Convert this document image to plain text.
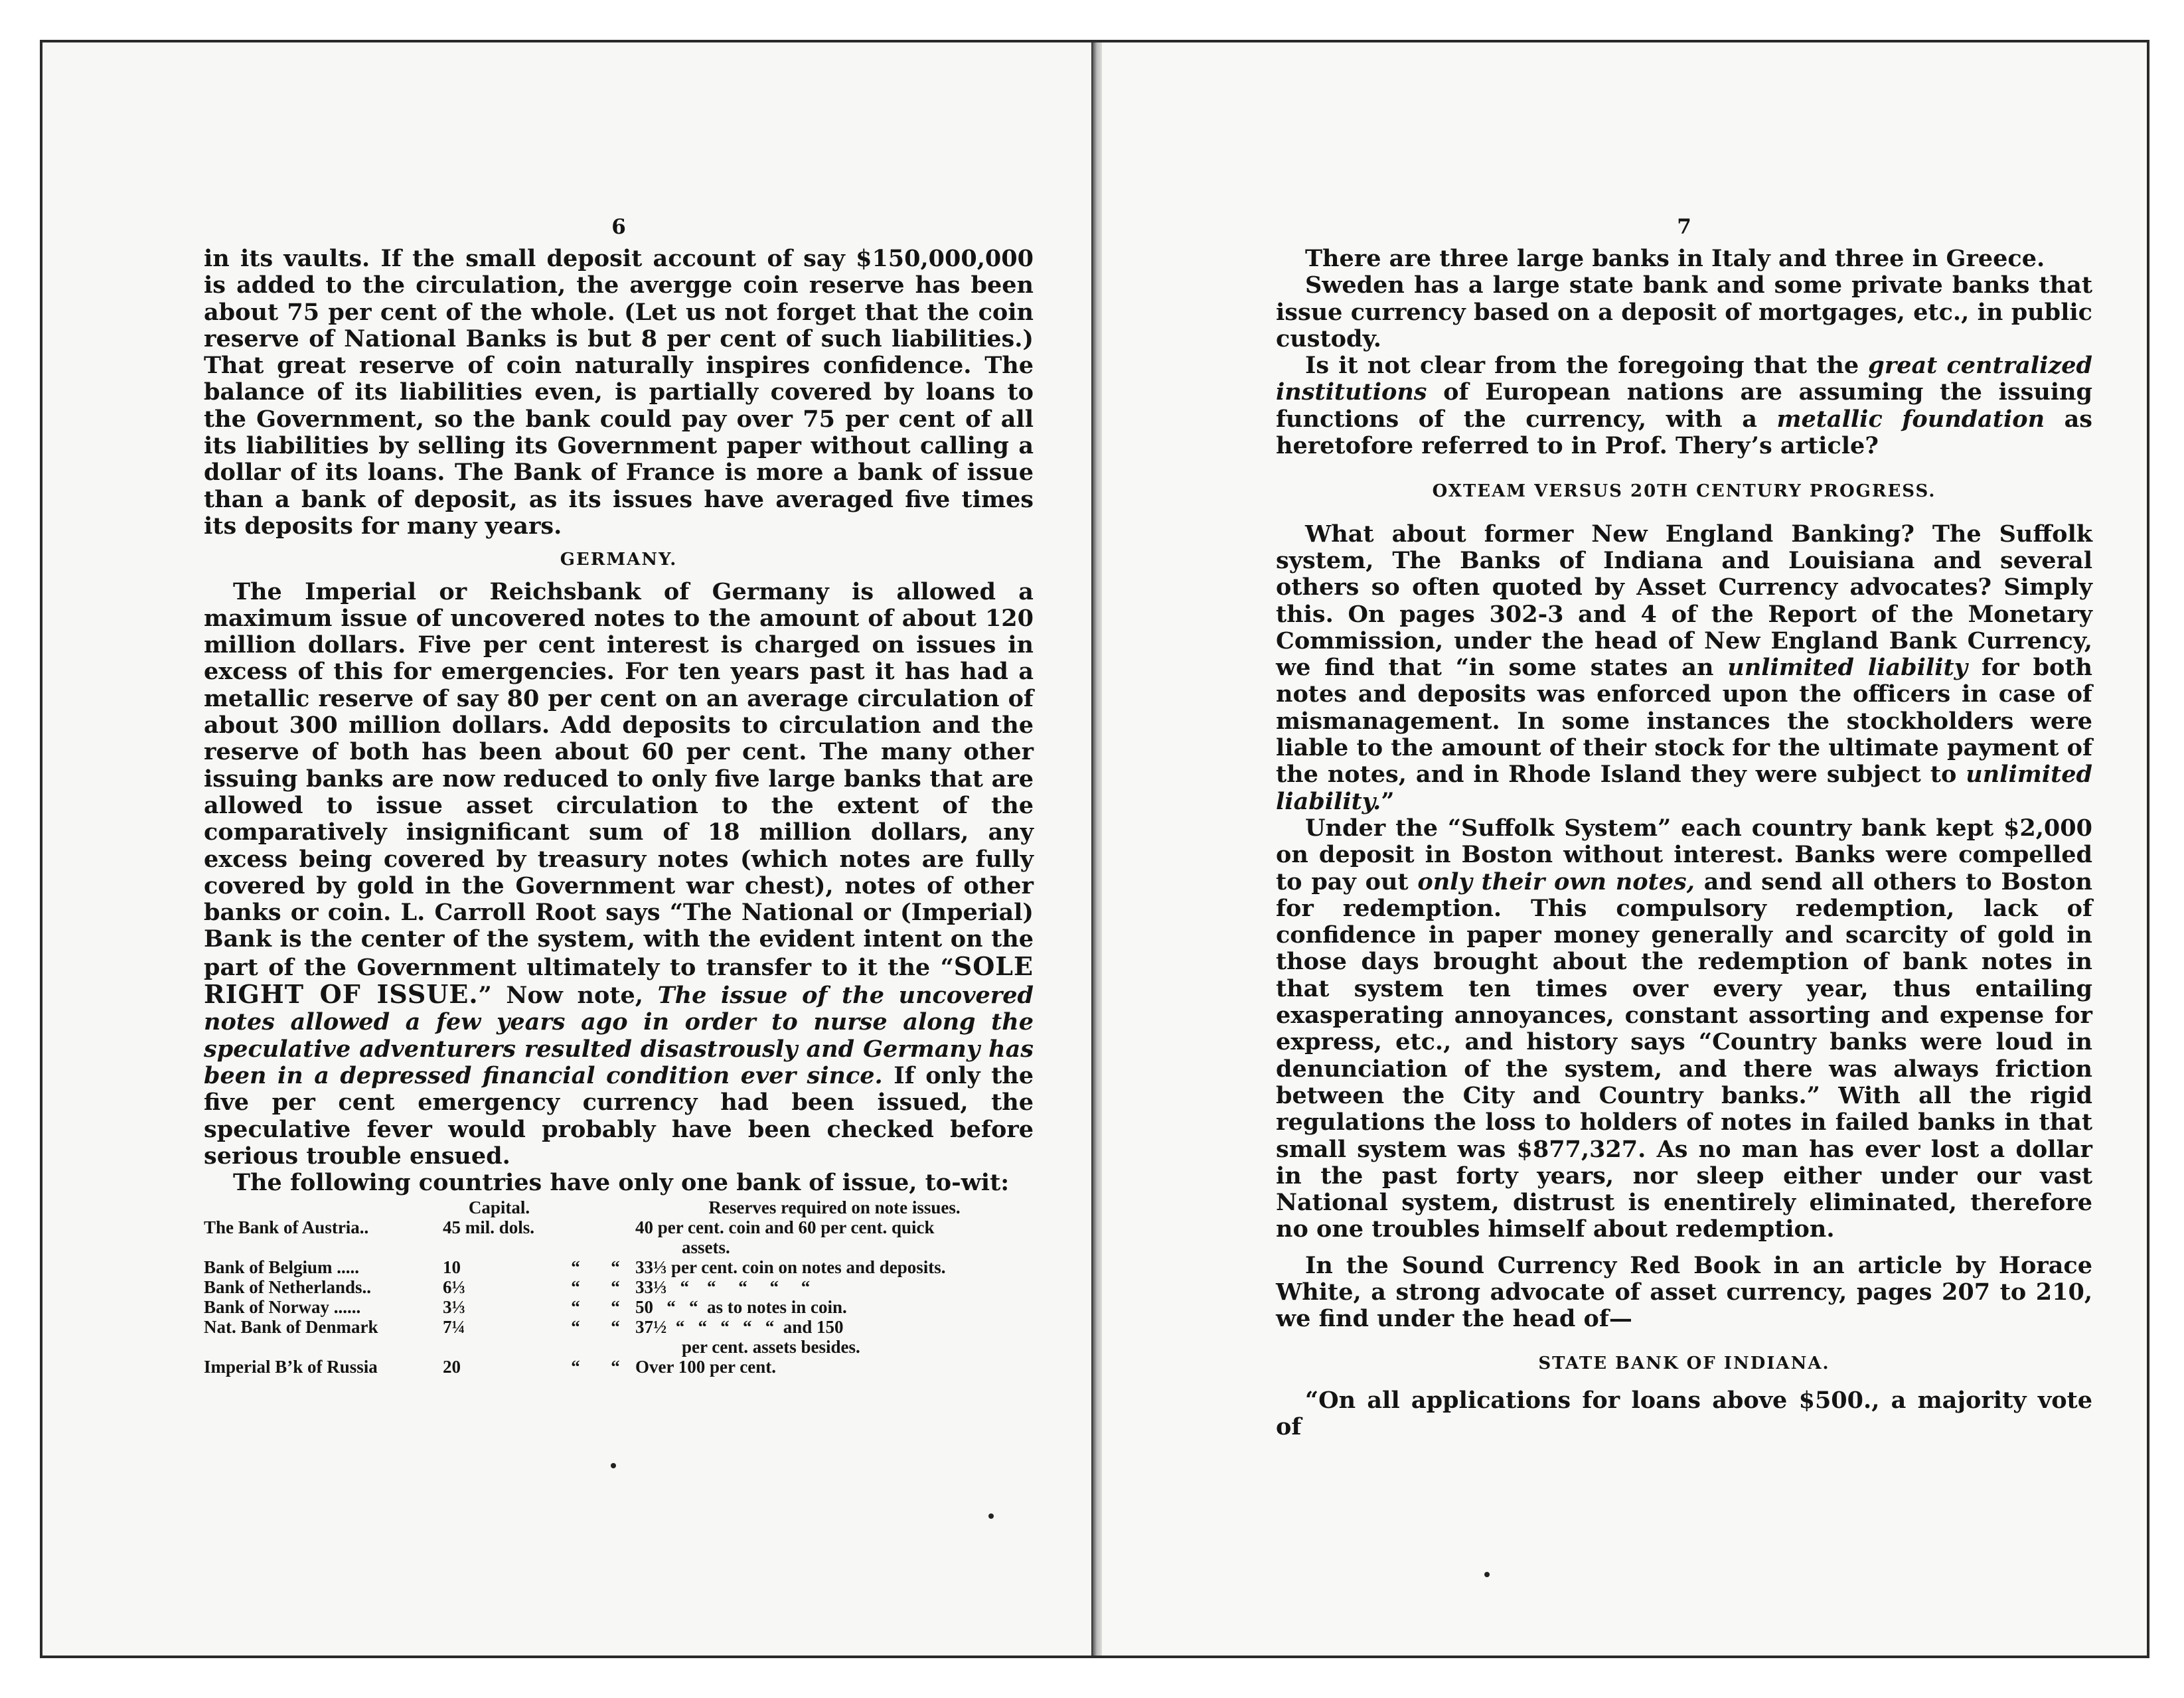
6

in its vaults. If the small deposit account of say $150,000,000 is added to the circulation, the avergge coin reserve has been about 75 per cent of the whole. (Let us not forget that the coin reserve of National Banks is but 8 per cent of such liabilities.) That great reserve of coin naturally inspires confidence. The balance of its liabilities even, is partially covered by loans to the Government, so the bank could pay over 75 per cent of all its liabilities by selling its Government paper without calling a dollar of its loans. The Bank of France is more a bank of issue than a bank of deposit, as its issues have averaged five times its deposits for many years.

GERMANY.

The Imperial or Reichsbank of Germany is allowed a maximum issue of uncovered notes to the amount of about 120 million dollars. Five per cent interest is charged on issues in excess of this for emergencies. For ten years past it has had a metallic reserve of say 80 per cent on an average circulation of about 300 million dollars. Add deposits to circulation and the reserve of both has been about 60 per cent. The many other issuing banks are now reduced to only five large banks that are allowed to issue asset circulation to the extent of the comparatively insignificant sum of 18 million dollars, any excess being covered by treasury notes (which notes are fully covered by gold in the Government war chest), notes of other banks or coin. L. Carroll Root says “The National or (Imperial) Bank is the center of the system, with the evident intent on the part of the Government ultimately to transfer to it the “SOLE RIGHT OF ISSUE.” Now note, The issue of the uncovered notes allowed a few years ago in order to nurse along the speculative adventurers resulted disastrously and Germany has been in a depressed financial condition ever since. If only the five per cent emergency currency had been issued, the speculative fever would probably have been checked before serious trouble ensued.

The following countries have only one bank of issue, to-wit:

	Capital.			Reserves required on note issues.
The Bank of Austria..	45 mil. dols.			40 per cent. coin and 60 per cent. quick
				assets.
Bank of Belgium .....	10	“	“	33⅓ per cent. coin on notes and deposits.
Bank of Netherlands..	6⅓	“	“	33⅓   “    “     “     “     “
Bank of Norway ......	3⅓	“	“	50   “   “  as to notes in coin.
Nat. Bank of Denmark	7¼	“	“	37½  “   “   “   “   “  and 150
				per cent. assets besides.
Imperial B’k of Russia	20	“	“	Over 100 per cent.
7

There are three large banks in Italy and three in Greece.

Sweden has a large state bank and some private banks that issue currency based on a deposit of mortgages, etc., in public custody.

Is it not clear from the foregoing that the great centralized institutions of European nations are assuming the issuing functions of the currency, with a metallic foundation as heretofore referred to in Prof. Thery’s article?

OXTEAM VERSUS 20TH CENTURY PROGRESS.

What about former New England Banking? The Suffolk system, The Banks of Indiana and Louisiana and several others so often quoted by Asset Currency advocates? Simply this. On pages 302-3 and 4 of the Report of the Monetary Commission, under the head of New England Bank Currency, we find that “in some states an unlimited liability for both notes and deposits was enforced upon the officers in case of mismanagement. In some instances the stockholders were liable to the amount of their stock for the ultimate payment of the notes, and in Rhode Island they were subject to unlimited liability.”

Under the “Suffolk System” each country bank kept $2,000 on deposit in Boston without interest. Banks were compelled to pay out only their own notes, and send all others to Boston for redemption. This compulsory redemption, lack of confidence in paper money generally and scarcity of gold in those days brought about the redemption of bank notes in that system ten times over every year, thus entailing exasperating annoyances, constant assorting and expense for express, etc., and history says “Country banks were loud in denunciation of the system, and there was always friction between the City and Country banks.” With all the rigid regulations the loss to holders of notes in failed banks in that small system was $877,327. As no man has ever lost a dollar in the past forty years, nor sleep either under our vast National system, distrust is enentirely eliminated, therefore no one troubles himself about redemption.

In the Sound Currency Red Book in an article by Horace White, a strong advocate of asset currency, pages 207 to 210, we find under the head of—

STATE BANK OF INDIANA.

“On all applications for loans above $500., a majority vote of
